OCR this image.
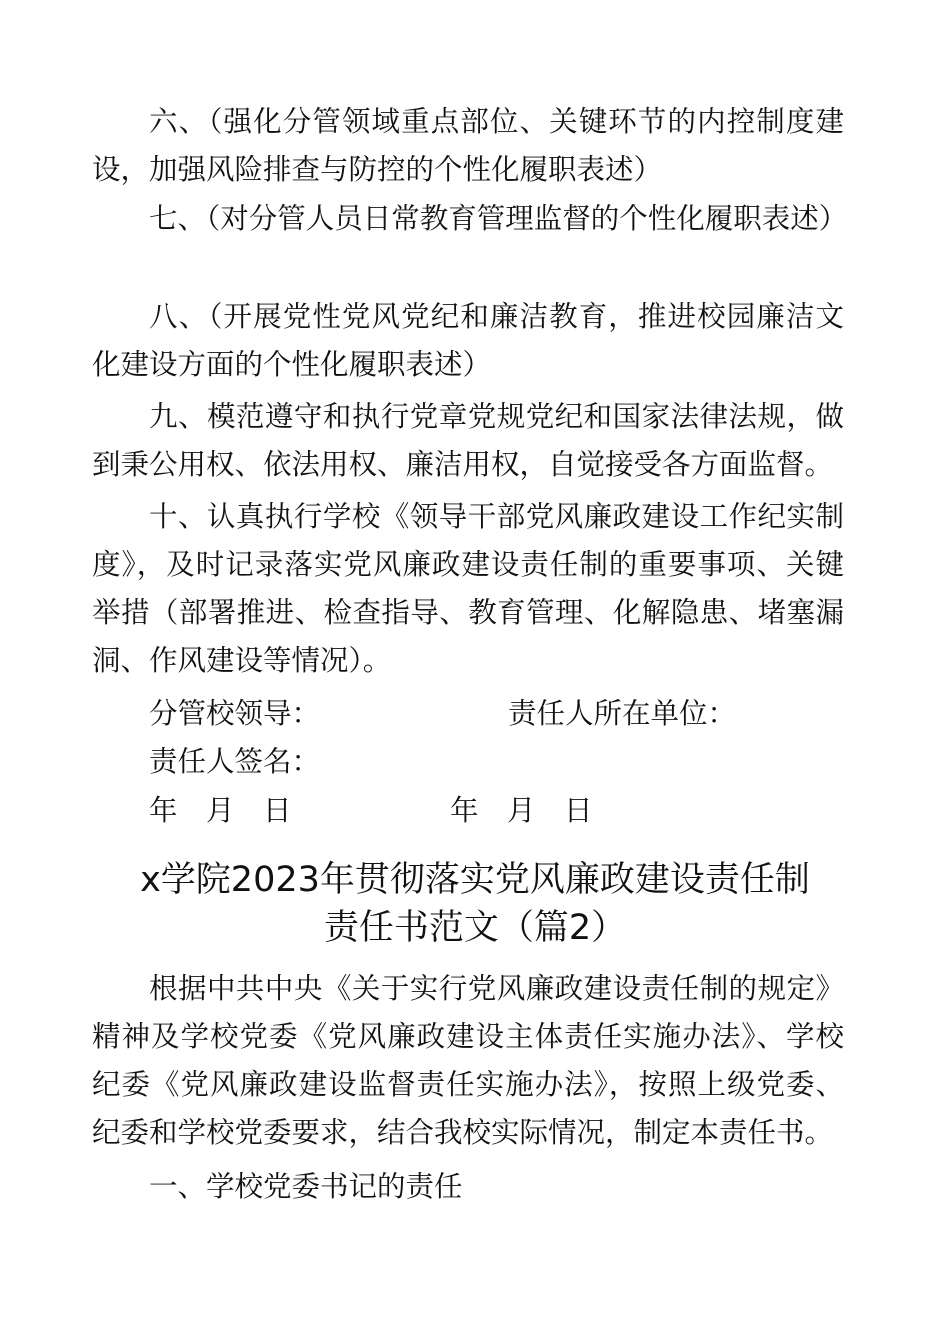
六、（强化分管领域重点部位、关键环节的内控制度建设，加强风险排查与防控的个性化履职表述）

七、（对分管人员日常教育管理监督的个性化履职表述）

八、（开展党性党风党纪和廉洁教育，推进校园廉洁文化建设方面的个性化履职表述）

九、模范遵守和执行党章党规党纪和国家法律法规，做到秉公用权、依法用权、廉洁用权，自觉接受各方面监督。

十、认真执行学校《领导干部党风廉政建设工作纪实制度》，及时记录落实党风廉政建设责任制的重要事项、关键举措（部署推进、检查指导、教育管理、化解隐患、堵塞漏洞、作风建设等情况）。

分管校领导：	责任人所在单位：

责任人签名：

年　月　日	年　月　日

x学院2023年贯彻落实党风廉政建设责任制
责任书范文（篇2）

根据中共中央《关于实行党风廉政建设责任制的规定》精神及学校党委《党风廉政建设主体责任实施办法》、学校纪委《党风廉政建设监督责任实施办法》，按照上级党委、纪委和学校党委要求，结合我校实际情况，制定本责任书。

一、学校党委书记的责任
